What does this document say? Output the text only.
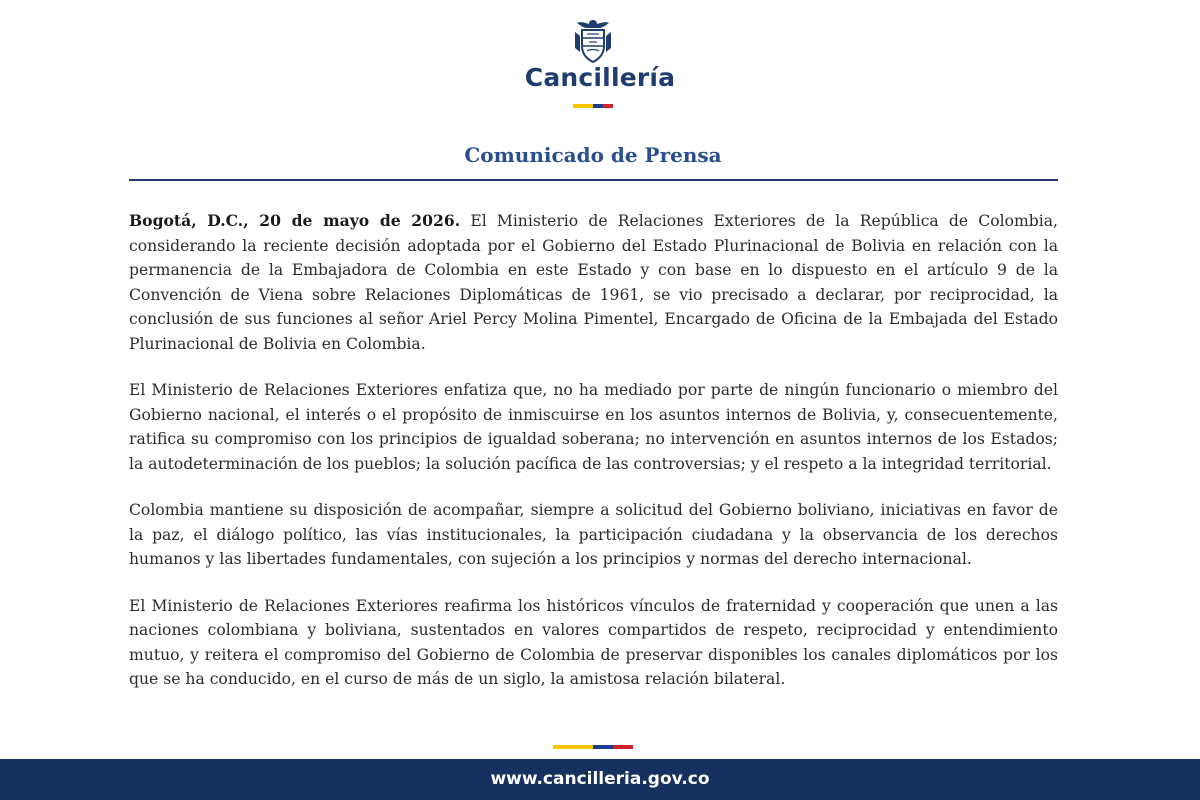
Cancillería
Comunicado de Prensa

Bogotá, D.C., 20 de mayo de 2026. El Ministerio de Relaciones Exteriores de la República de Colombia, considerando la reciente decisión adoptada por el Gobierno del Estado Plurinacional de Bolivia en relación con la permanencia de la Embajadora de Colombia en este Estado y con base en lo dispuesto en el artículo 9 de la Convención de Viena sobre Relaciones Diplomáticas de 1961, se vio precisado a declarar, por reciprocidad, la conclusión de sus funciones al señor Ariel Percy Molina Pimentel, Encargado de Oficina de la Embajada del Estado Plurinacional de Bolivia en Colombia.

El Ministerio de Relaciones Exteriores enfatiza que, no ha mediado por parte de ningún funcionario o miembro del Gobierno nacional, el interés o el propósito de inmiscuirse en los asuntos internos de Bolivia, y, consecuentemente, ratifica su compromiso con los principios de igualdad soberana; no intervención en asuntos internos de los Estados; la autodeterminación de los pueblos; la solución pacífica de las controversias; y el respeto a la integridad territorial.

Colombia mantiene su disposición de acompañar, siempre a solicitud del Gobierno boliviano, iniciativas en favor de la paz, el diálogo político, las vías institucionales, la participación ciudadana y la observancia de los derechos humanos y las libertades fundamentales, con sujeción a los principios y normas del derecho internacional.

El Ministerio de Relaciones Exteriores reafirma los históricos vínculos de fraternidad y cooperación que unen a las naciones colombiana y boliviana, sustentados en valores compartidos de respeto, reciprocidad y entendimiento mutuo, y reitera el compromiso del Gobierno de Colombia de preservar disponibles los canales diplomáticos por los que se ha conducido, en el curso de más de un siglo, la amistosa relación bilateral.

www.cancilleria.gov.co
